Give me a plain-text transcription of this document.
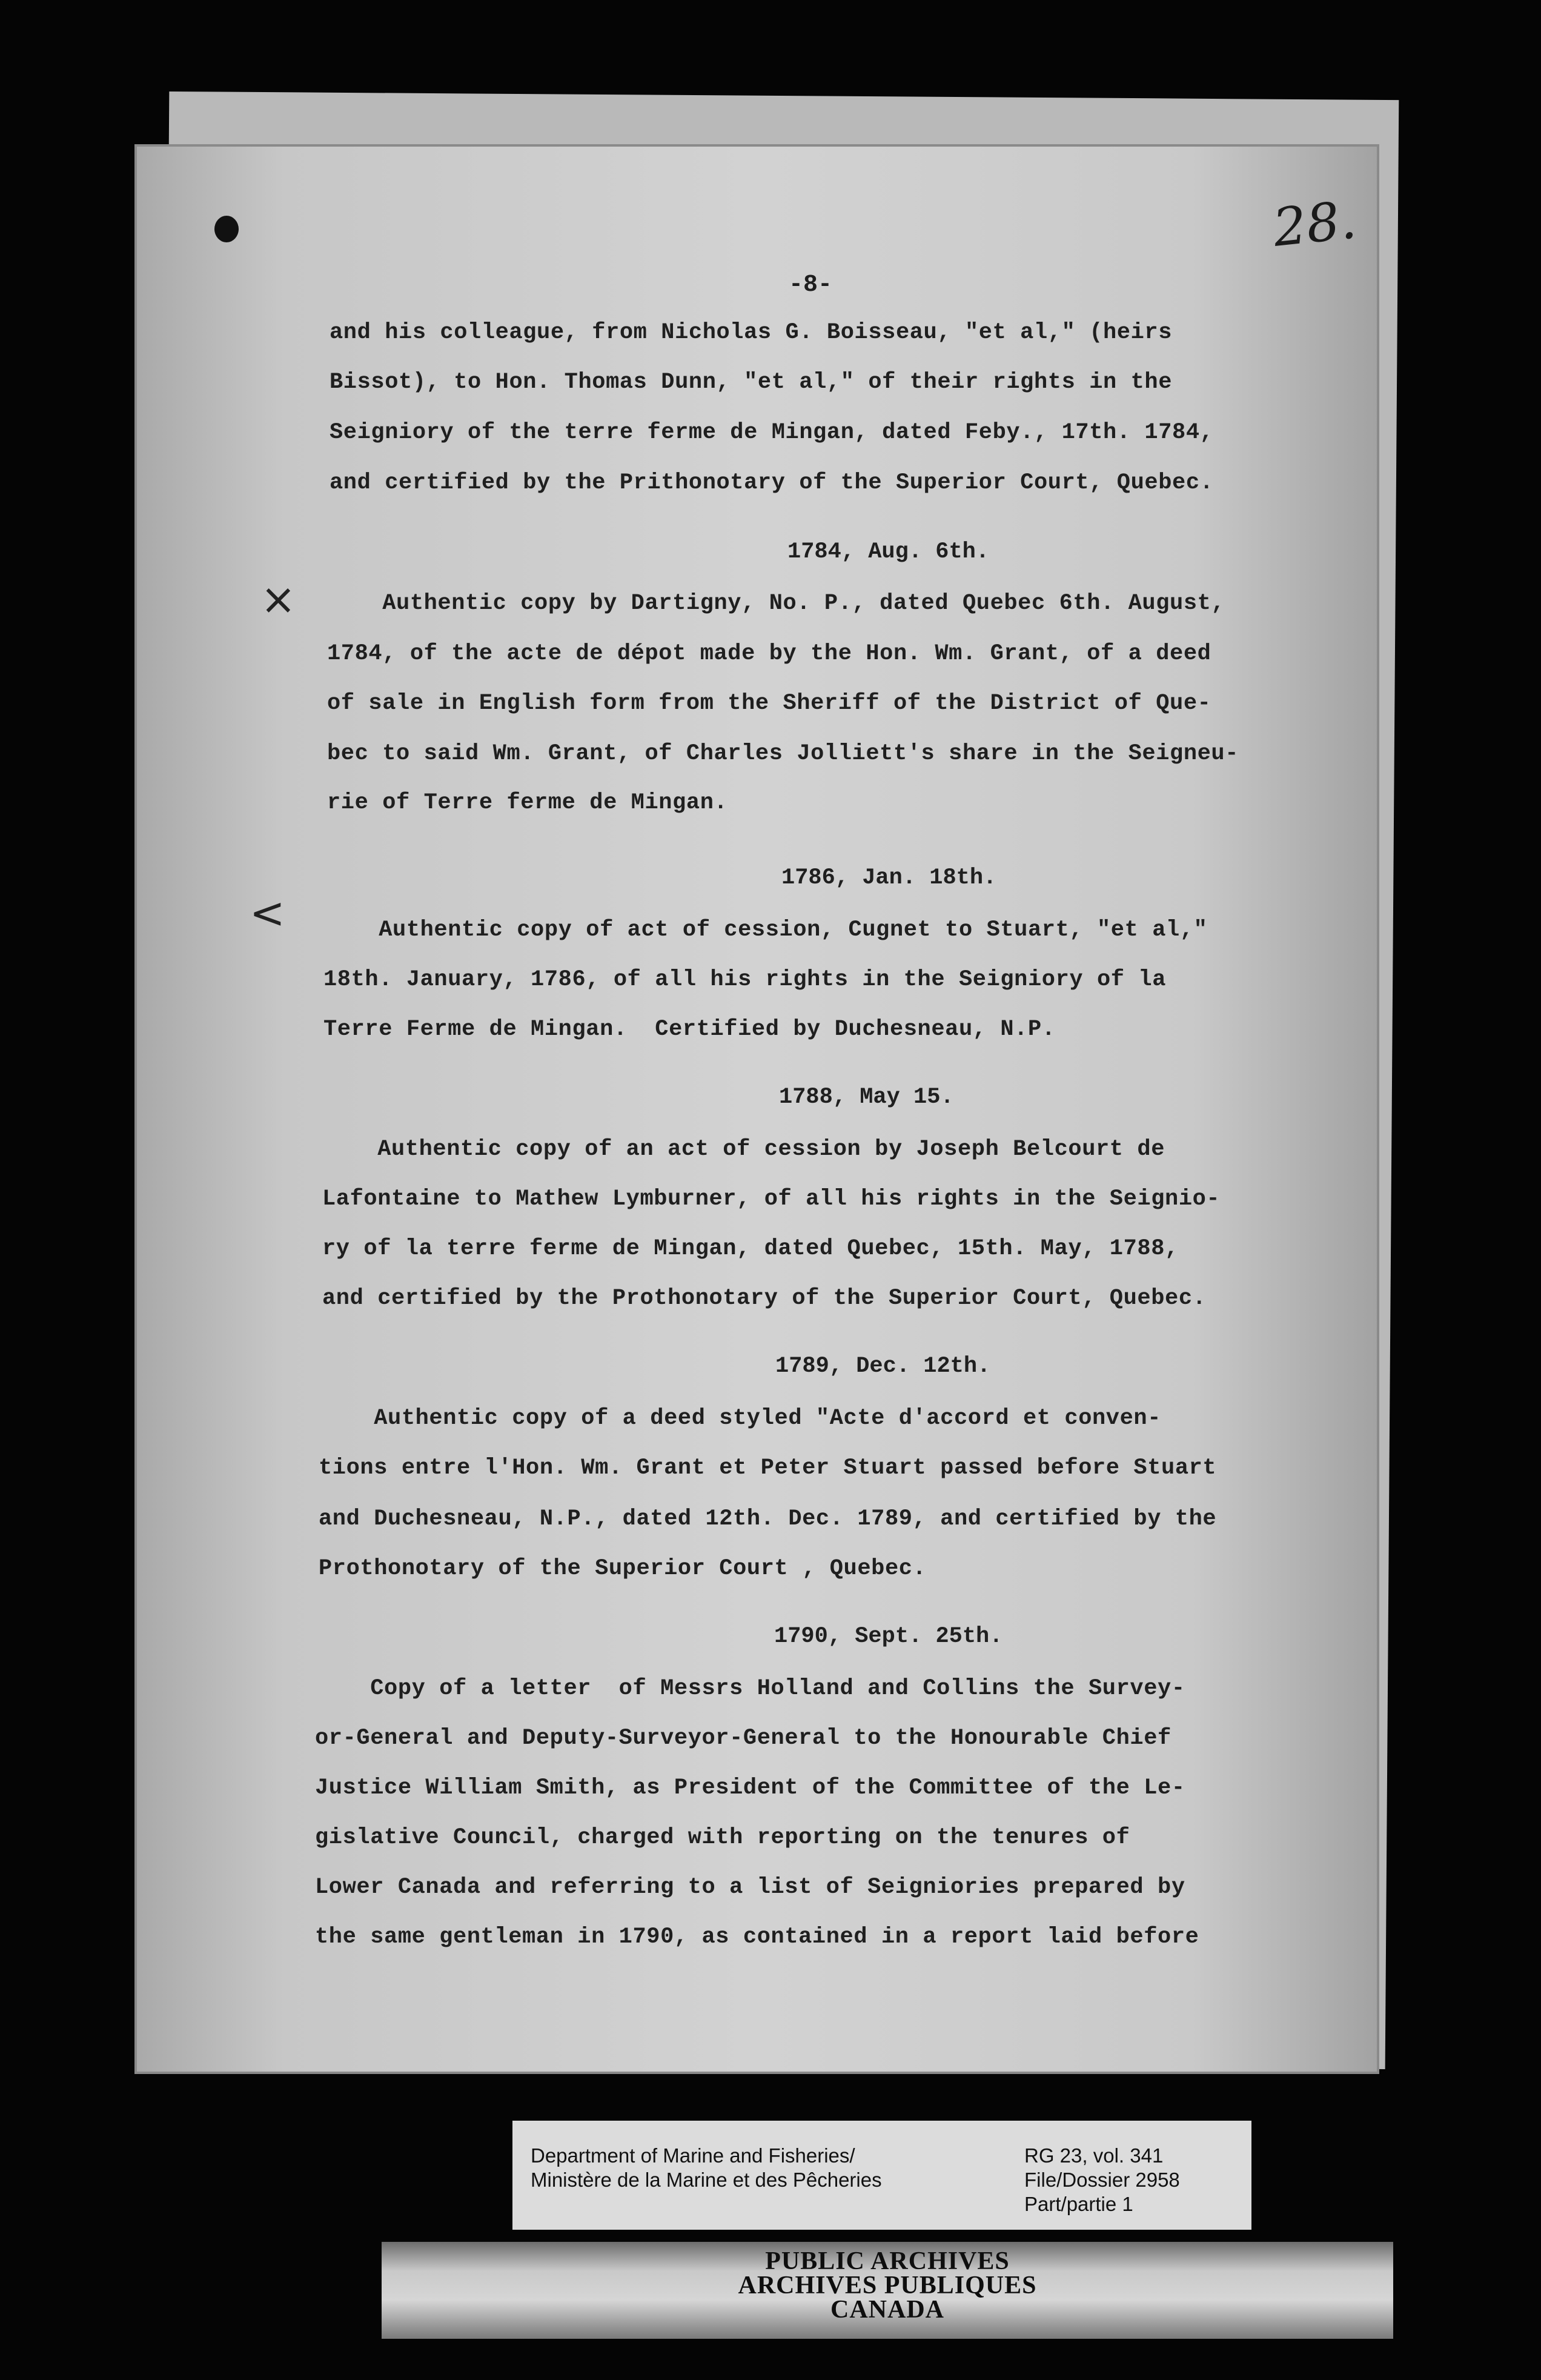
28.
-8-
×
<
and his colleague, from Nicholas G. Boisseau, "et al," (heirs
Bissot), to Hon. Thomas Dunn, "et al," of their rights in the
Seigniory of the terre ferme de Mingan, dated Feby., 17th. 1784,
and certified by the Prithonotary of the Superior Court, Quebec.
1784, Aug. 6th.
Authentic copy by Dartigny, No. P., dated Quebec 6th. August,
1784, of the acte de dépot made by the Hon. Wm. Grant, of a deed
of sale in English form from the Sheriff of the District of Que-
bec to said Wm. Grant, of Charles Jolliett's share in the Seigneu-
rie of Terre ferme de Mingan.
1786, Jan. 18th.
Authentic copy of act of cession, Cugnet to Stuart, "et al,"
18th. January, 1786, of all his rights in the Seigniory of la
Terre Ferme de Mingan.  Certified by Duchesneau, N.P.
1788, May 15.
Authentic copy of an act of cession by Joseph Belcourt de
Lafontaine to Mathew Lymburner, of all his rights in the Seignio-
ry of la terre ferme de Mingan, dated Quebec, 15th. May, 1788,
and certified by the Prothonotary of the Superior Court, Quebec.
1789, Dec. 12th.
Authentic copy of a deed styled "Acte d'accord et conven-
tions entre l'Hon. Wm. Grant et Peter Stuart passed before Stuart
and Duchesneau, N.P., dated 12th. Dec. 1789, and certified by the
Prothonotary of the Superior Court , Quebec.
1790, Sept. 25th.
Copy of a letter  of Messrs Holland and Collins the Survey-
or-General and Deputy-Surveyor-General to the Honourable Chief
Justice William Smith, as President of the Committee of the Le-
gislative Council, charged with reporting on the tenures of
Lower Canada and referring to a list of Seigniories prepared by
the same gentleman in 1790, as contained in a report laid before
Department of Marine and Fisheries/
Ministère de la Marine et des Pêcheries
RG 23, vol. 341
File/Dossier 2958
Part/partie 1
PUBLIC ARCHIVES
ARCHIVES PUBLIQUES
CANADA
